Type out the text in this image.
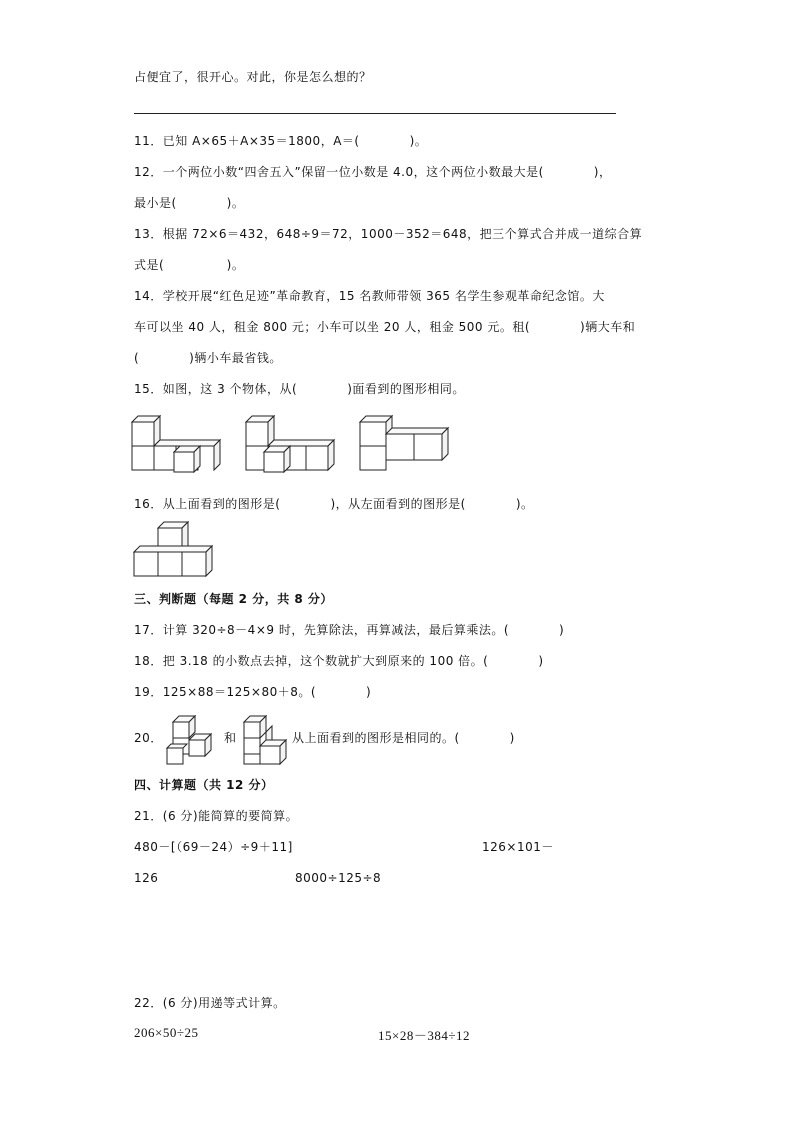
占便宜了，很开心。对此，你是怎么想的？
11．已知 A×65＋A×35＝1800，A＝(　　　　)。
12．一个两位小数“四舍五入”保留一位小数是 4.0，这个两位小数最大是(　　　　)，
最小是(　　　　)。
13．根据 72×6＝432，648÷9＝72，1000－352＝648，把三个算式合并成一道综合算
式是(　　　　　)。
14．学校开展“红色足迹”革命教育，15 名教师带领 365 名学生参观革命纪念馆。大
车可以坐 40 人，租金 800 元；小车可以坐 20 人，租金 500 元。租(　　　　)辆大车和
(　　　　)辆小车最省钱。
15．如图，这 3 个物体，从(　　　　)面看到的图形相同。
16．从上面看到的图形是(　　　　)，从左面看到的图形是(　　　　)。
三、判断题（每题 2 分，共 8 分）
17．计算 320÷8－4×9 时，先算除法，再算减法，最后算乘法。(　　　　)
18．把 3.18 的小数点去掉，这个数就扩大到原来的 100 倍。(　　　　)
19．125×88＝125×80＋8。(　　　　)
20．	和	从上面看到的图形是相同的。(　　　　)
四、计算题（共 12 分）
21．(6 分)能简算的要简算。
480－[（69－24）÷9＋11]	126×101－
126	8000÷125÷8
22．(6 分)用递等式计算。
206×50÷25	15×28－384÷12
